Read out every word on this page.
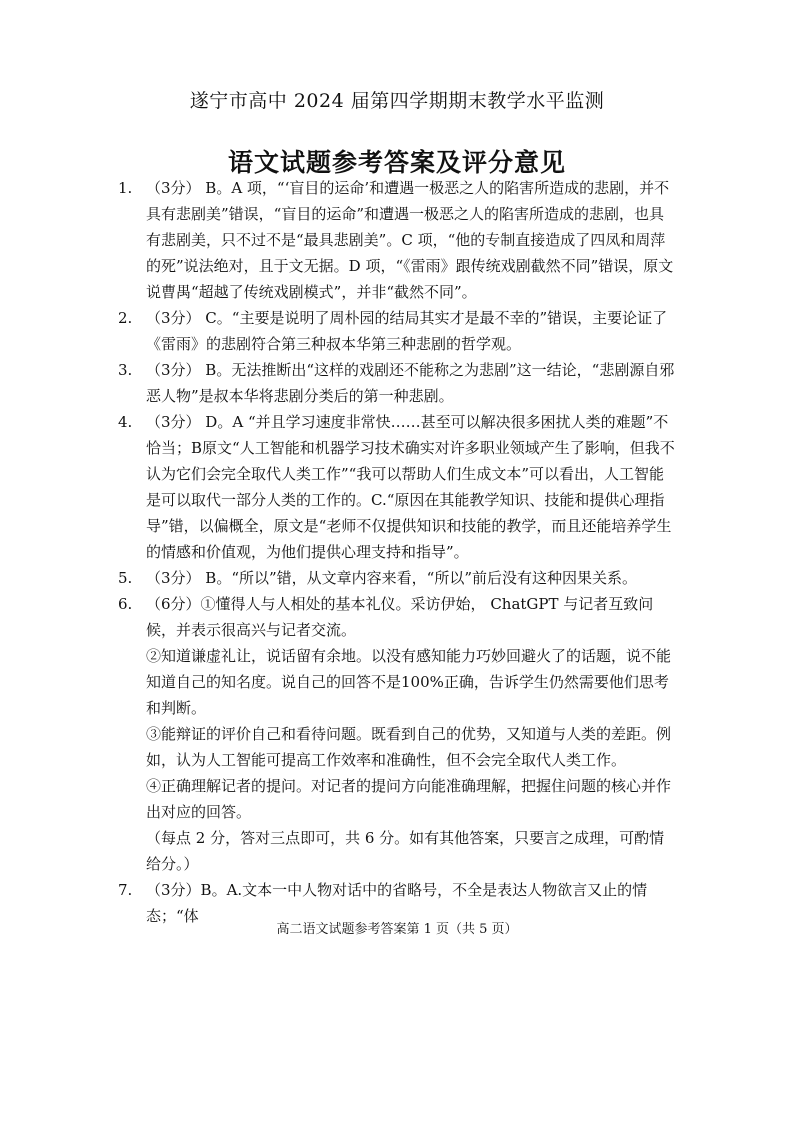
遂宁市高中 2024 届第四学期期末教学水平监测
语文试题参考答案及评分意见
1. （3分） B。A 项，“‘盲目的运命’和遭遇一极恶之人的陷害所造成的悲剧，并不具有悲剧美”错误，“盲目的运命”和遭遇一极恶之人的陷害所造成的悲剧，也具有悲剧美，只不过不是“最具悲剧美”。C 项，“他的专制直接造成了四凤和周萍的死”说法绝对，且于文无据。D 项，“《雷雨》跟传统戏剧截然不同”错误，原文说曹禺“超越了传统戏剧模式”，并非“截然不同”。
2. （3分） C。“主要是说明了周朴园的结局其实才是最不幸的”错误，主要论证了《雷雨》的悲剧符合第三种叔本华第三种悲剧的哲学观。
3. （3分） B。无法推断出“这样的戏剧还不能称之为悲剧”这一结论，“悲剧源自邪恶人物”是叔本华将悲剧分类后的第一种悲剧。
4. （3分） D。A “并且学习速度非常快……甚至可以解决很多困扰人类的难题”不恰当；B原文“人工智能和机器学习技术确实对许多职业领域产生了影响，但我不认为它们会完全取代人类工作”“我可以帮助人们生成文本”可以看出，人工智能是可以取代一部分人类的工作的。C.“原因在其能教学知识、技能和提供心理指导”错，以偏概全，原文是“老师不仅提供知识和技能的教学，而且还能培养学生的情感和价值观，为他们提供心理支持和指导”。
5. （3分） B。“所以”错，从文章内容来看，“所以”前后没有这种因果关系。
6. （6分）①懂得人与人相处的基本礼仪。采访伊始， ChatGPT 与记者互致问候，并表示很高兴与记者交流。
②知道谦虚礼让，说话留有余地。以没有感知能力巧妙回避火了的话题，说不能知道自己的知名度。说自己的回答不是100%正确，告诉学生仍然需要他们思考和判断。
③能辩证的评价自己和看待问题。既看到自己的优势，又知道与人类的差距。例如，认为人工智能可提高工作效率和准确性，但不会完全取代人类工作。
④正确理解记者的提问。对记者的提问方向能准确理解，把握住问题的核心并作出对应的回答。
（每点 2 分，答对三点即可，共 6 分。如有其他答案，只要言之成理，可酌情给分。）
7. （3分）B。A.文本一中人物对话中的省略号，不全是表达人物欲言又止的情态；“体
高二语文试题参考答案第 1 页（共 5 页）
